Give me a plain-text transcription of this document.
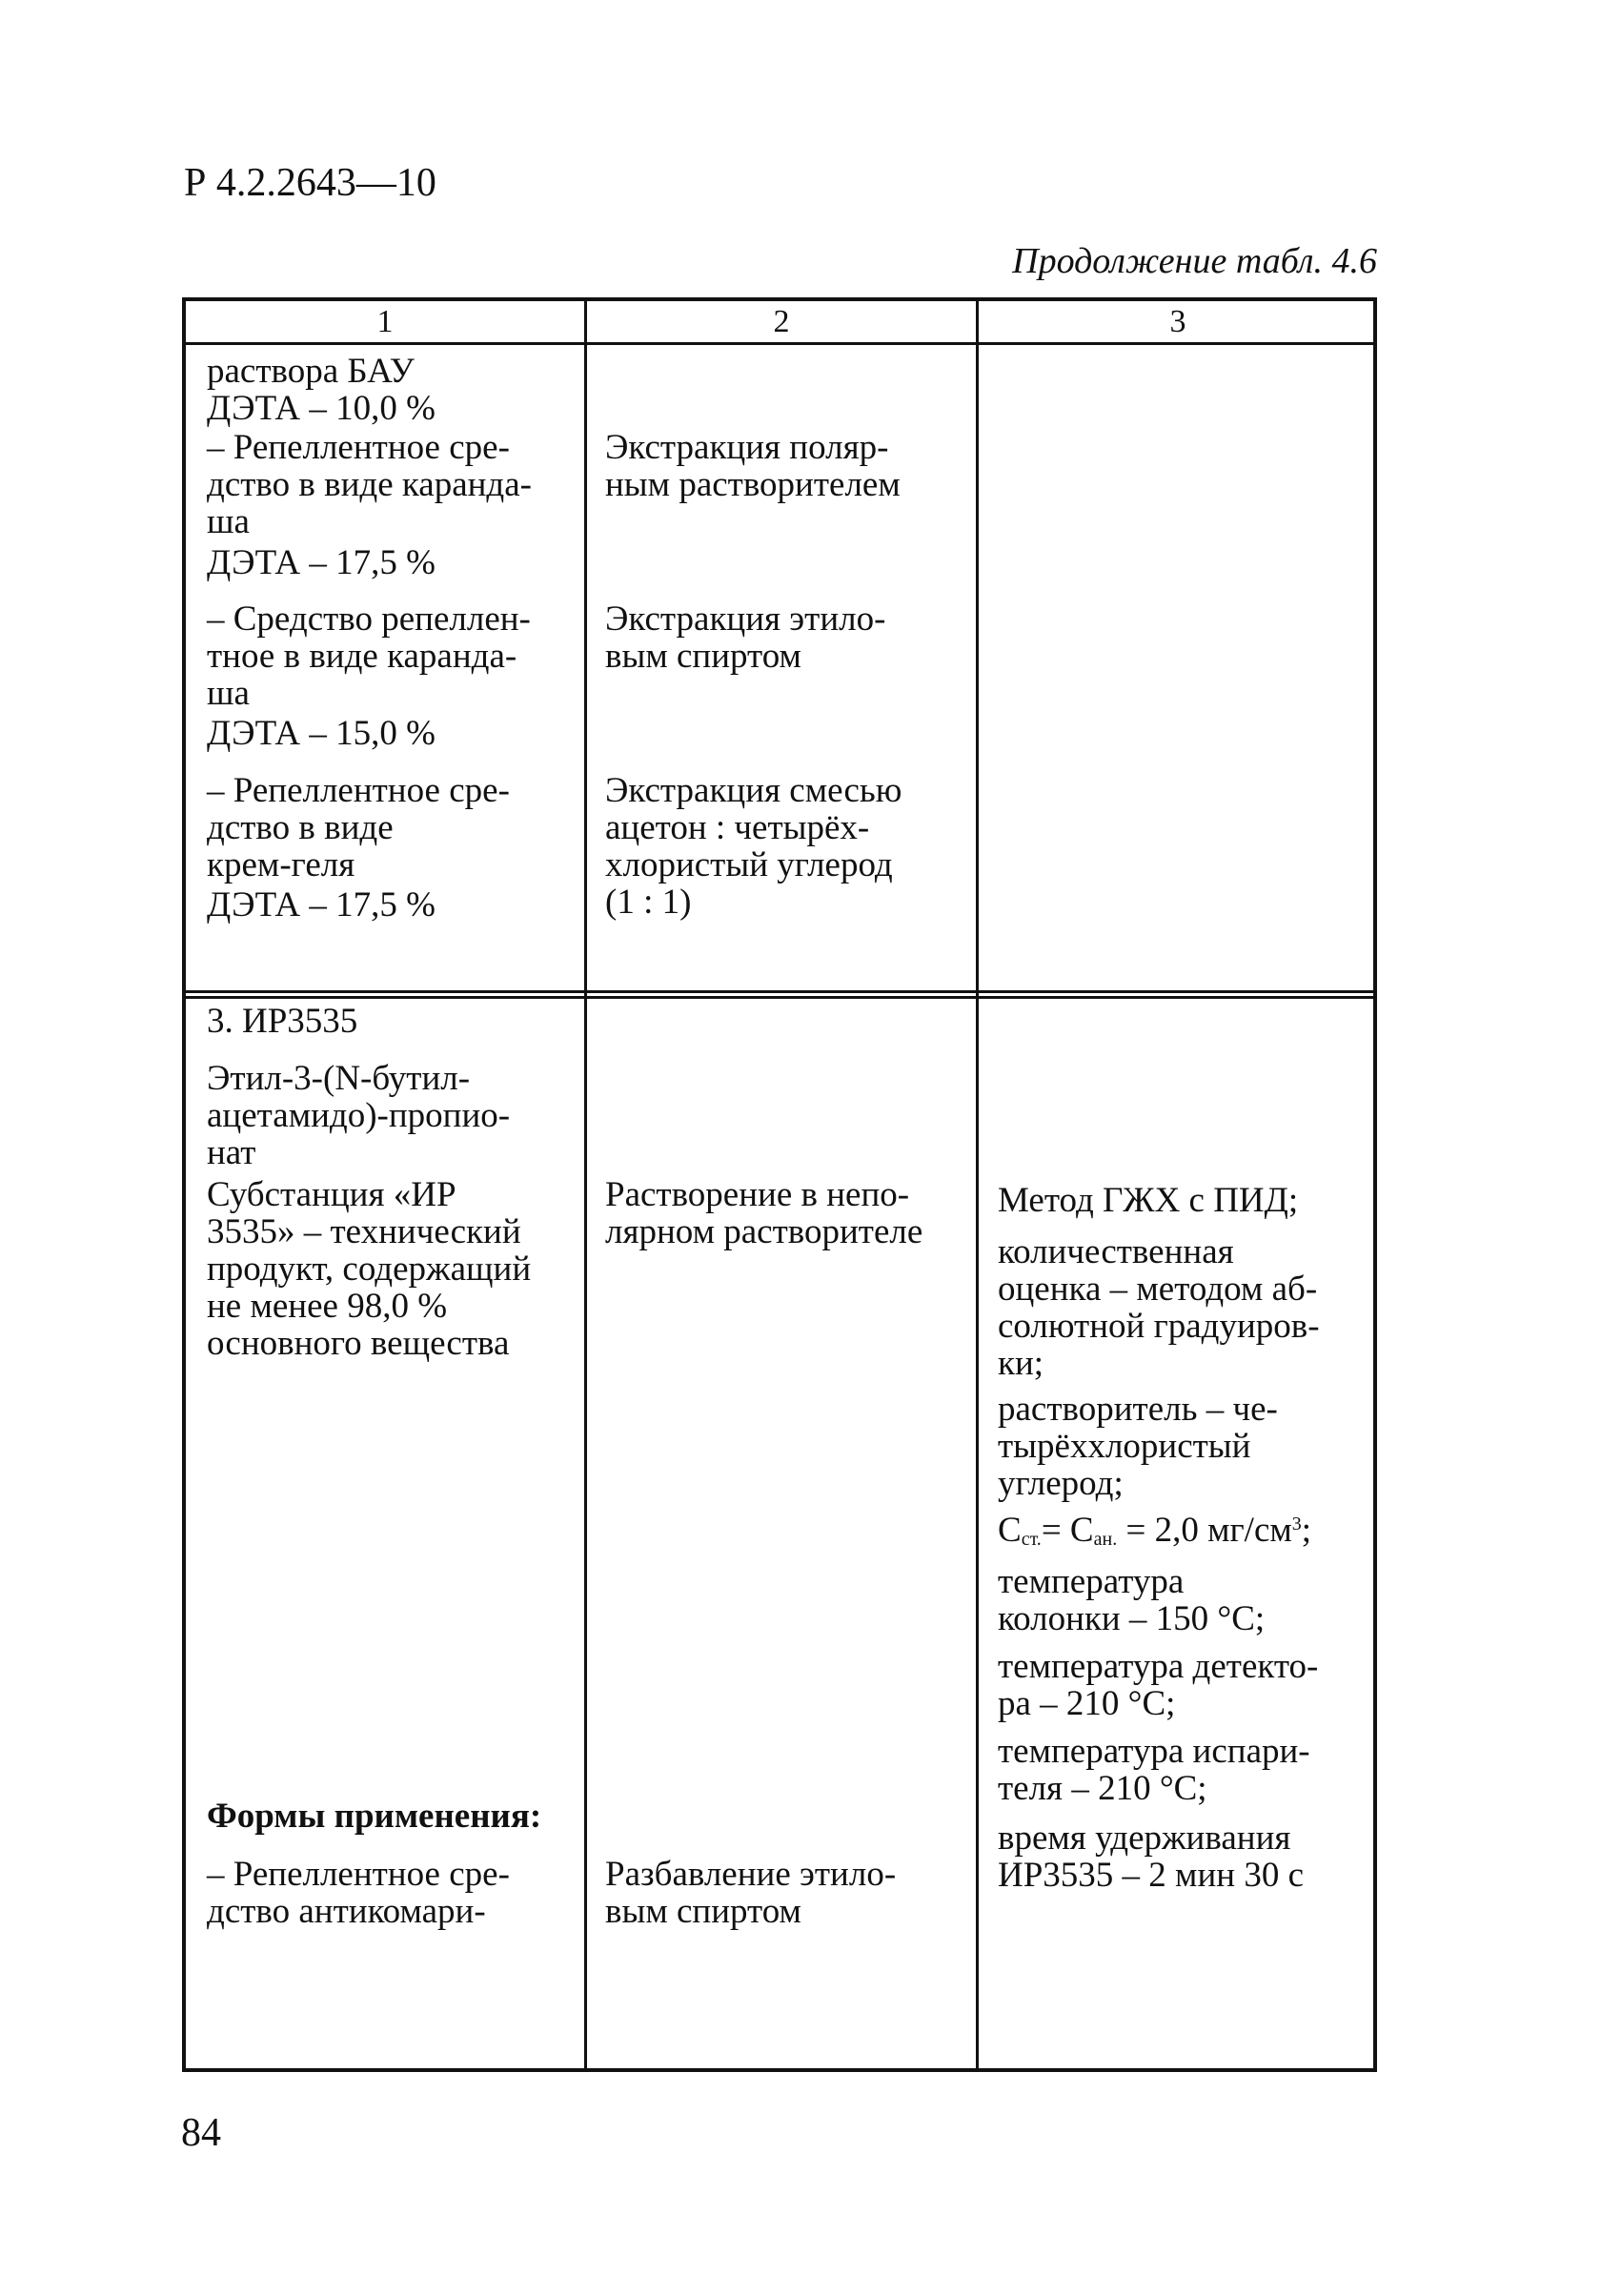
Р 4.2.2643—10
Продолжение табл. 4.6
1	2	3
раствора БАУ
ДЭТА – 10,0 %
– Репеллентное сре-
дство в виде каранда-
ша
ДЭТА – 17,5 %
– Средство репеллен-
тное в виде каранда-
ша
ДЭТА – 15,0 %
– Репеллентное сре-
дство в виде
крем-геля
ДЭТА – 17,5 %
3. ИР3535
Этил-3-(N-бутил-
ацетамидо)-пропио-
нат
Субстанция «ИР
3535» – технический
продукт, содержащий
не менее 98,0 %
основного вещества
Формы применения:
– Репеллентное сре-
дство антикомари-
Экстракция поляр-
ным растворителем
Экстракция этило-
вым спиртом
Экстракция смесью
ацетон : четырёх-
хлористый углерод
(1 : 1)
Растворение в непо-
лярном растворителе
Разбавление этило-
вым спиртом
Метод ГЖХ с ПИД;
количественная
оценка – методом аб-
солютной градуиров-
ки;
растворитель – че-
тырёххлористый
углерод;
$С_{ст.}= С_{ан.} = 2,0$ $мг/см^3$;
температура
колонки – 150 °С;
температура детекто-
ра – 210 °С;
температура испари-
теля – 210 °С;
время удерживания
ИР3535 – 2 мин 30 с
84
